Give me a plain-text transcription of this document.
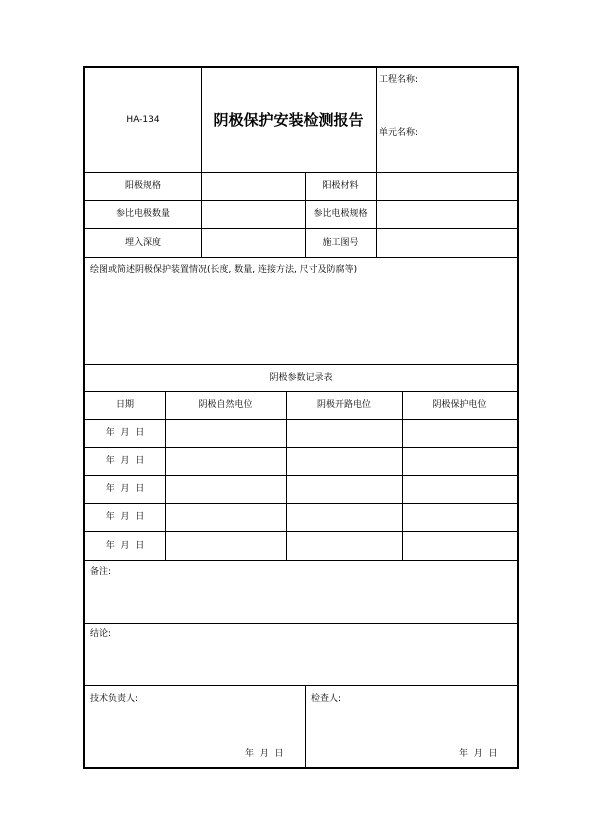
HA-134	阴极保护安装检测报告
工程名称:
单元名称:
阳极规格	阳极材料
参比电极数量	参比电极规格
埋入深度	施工图号
绘图或简述阴极保护装置情况(长度, 数量, 连接方法, 尺寸及防腐等)
阴极参数记录表
日期	阴极自然电位	阴极开路电位	阴极保护电位
年  月  日
年  月  日
年  月  日
年  月  日
年  月  日
备注:
结论:
技术负责人:
年  月  日
检查人:
年  月  日
